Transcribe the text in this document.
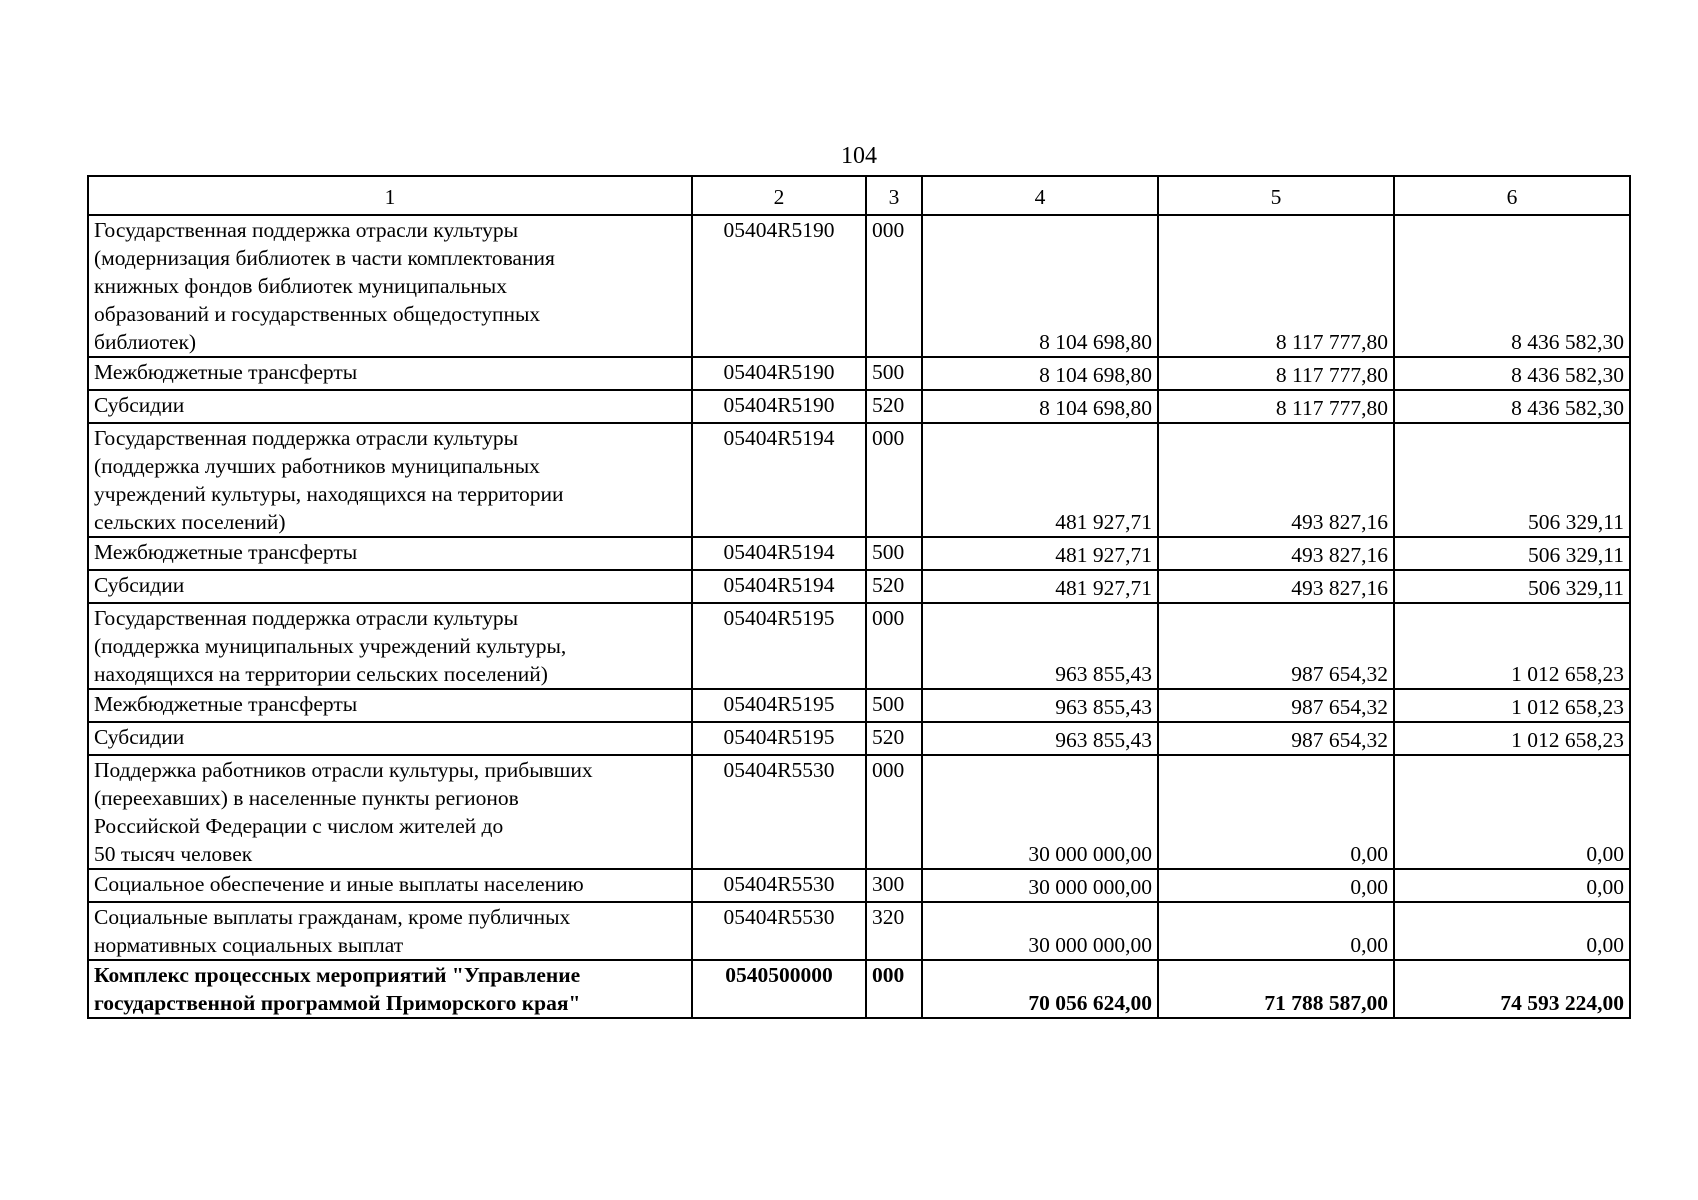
104
1	2	3	4	5	6

Государственная поддержка отрасли культуры
(модернизация библиотек в части комплектования
книжных фондов библиотек муниципальных
образований и государственных общедоступных
библиотек)	05404R5190	000	8 104 698,80	8 117 777,80	8 436 582,30

Межбюджетные трансферты	05404R5190	500	8 104 698,80	8 117 777,80	8 436 582,30

Субсидии	05404R5190	520	8 104 698,80	8 117 777,80	8 436 582,30

Государственная поддержка отрасли культуры
(поддержка лучших работников муниципальных
учреждений культуры, находящихся на территории
сельских поселений)	05404R5194	000	481 927,71	493 827,16	506 329,11

Межбюджетные трансферты	05404R5194	500	481 927,71	493 827,16	506 329,11

Субсидии	05404R5194	520	481 927,71	493 827,16	506 329,11

Государственная поддержка отрасли культуры
(поддержка муниципальных учреждений культуры,
находящихся на территории сельских поселений)	05404R5195	000	963 855,43	987 654,32	1 012 658,23

Межбюджетные трансферты	05404R5195	500	963 855,43	987 654,32	1 012 658,23

Субсидии	05404R5195	520	963 855,43	987 654,32	1 012 658,23

Поддержка работников отрасли культуры, прибывших
(переехавших) в населенные пункты регионов
Российской Федерации с числом жителей до
50 тысяч человек	05404R5530	000	30 000 000,00	0,00	0,00

Социальное обеспечение и иные выплаты населению	05404R5530	300	30 000 000,00	0,00	0,00

Социальные выплаты гражданам, кроме публичных
нормативных социальных выплат	05404R5530	320	30 000 000,00	0,00	0,00

Комплекс процессных мероприятий "Управление
государственной программой Приморского края"	0540500000	000	70 056 624,00	71 788 587,00	74 593 224,00
